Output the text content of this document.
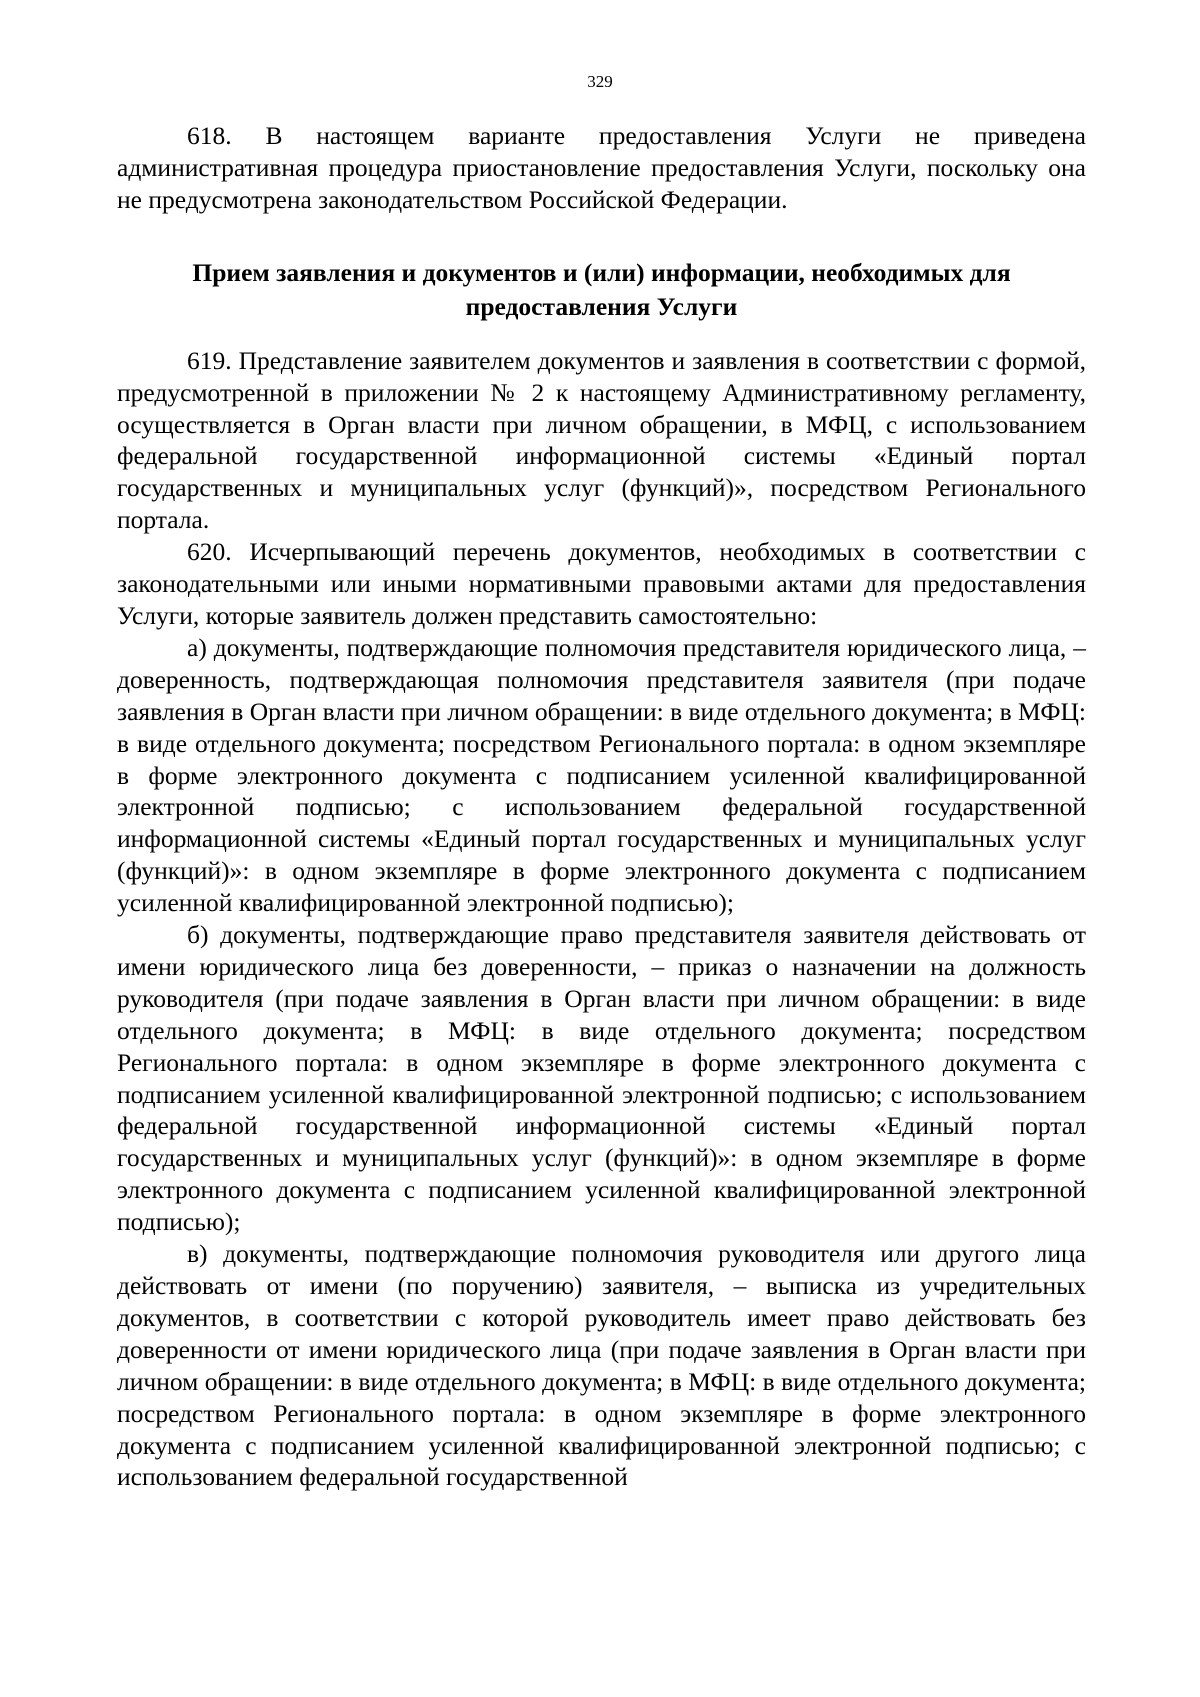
329

618. В настоящем варианте предоставления Услуги не приведена административная процедура приостановление предоставления Услуги, поскольку она не предусмотрена законодательством Российской Федерации.

Прием заявления и документов и (или) информации, необходимых для
предоставления Услуги

619. Представление заявителем документов и заявления в соответствии с формой, предусмотренной в приложении № 2 к настоящему Административному регламенту, осуществляется в Орган власти при личном обращении, в МФЦ, с использованием федеральной государственной информационной системы «Единый портал государственных и муниципальных услуг (функций)», посредством Регионального портала.

620. Исчерпывающий перечень документов, необходимых в соответствии с законодательными или иными нормативными правовыми актами для предоставления Услуги, которые заявитель должен представить самостоятельно:

а) документы, подтверждающие полномочия представителя юридического лица, – доверенность, подтверждающая полномочия представителя заявителя (при подаче заявления в Орган власти при личном обращении: в виде отдельного документа; в МФЦ: в виде отдельного документа; посредством Регионального портала: в одном экземпляре в форме электронного документа с подписанием усиленной квалифицированной электронной подписью; с использованием федеральной государственной информационной системы «Единый портал государственных и муниципальных услуг (функций)»: в одном экземпляре в форме электронного документа с подписанием усиленной квалифицированной электронной подписью);

б) документы, подтверждающие право представителя заявителя действовать от имени юридического лица без доверенности, – приказ о назначении на должность руководителя (при подаче заявления в Орган власти при личном обращении: в виде отдельного документа; в МФЦ: в виде отдельного документа; посредством Регионального портала: в одном экземпляре в форме электронного документа с подписанием усиленной квалифицированной электронной подписью; с использованием федеральной государственной информационной системы «Единый портал государственных и муниципальных услуг (функций)»: в одном экземпляре в форме электронного документа с подписанием усиленной квалифицированной электронной подписью);

в) документы, подтверждающие полномочия руководителя или другого лица действовать от имени (по поручению) заявителя, – выписка из учредительных документов, в соответствии с которой руководитель имеет право действовать без доверенности от имени юридического лица (при подаче заявления в Орган власти при личном обращении: в виде отдельного документа; в МФЦ: в виде отдельного документа; посредством Регионального портала: в одном экземпляре в форме электронного документа с подписанием усиленной квалифицированной электронной подписью; с использованием федеральной государственной
